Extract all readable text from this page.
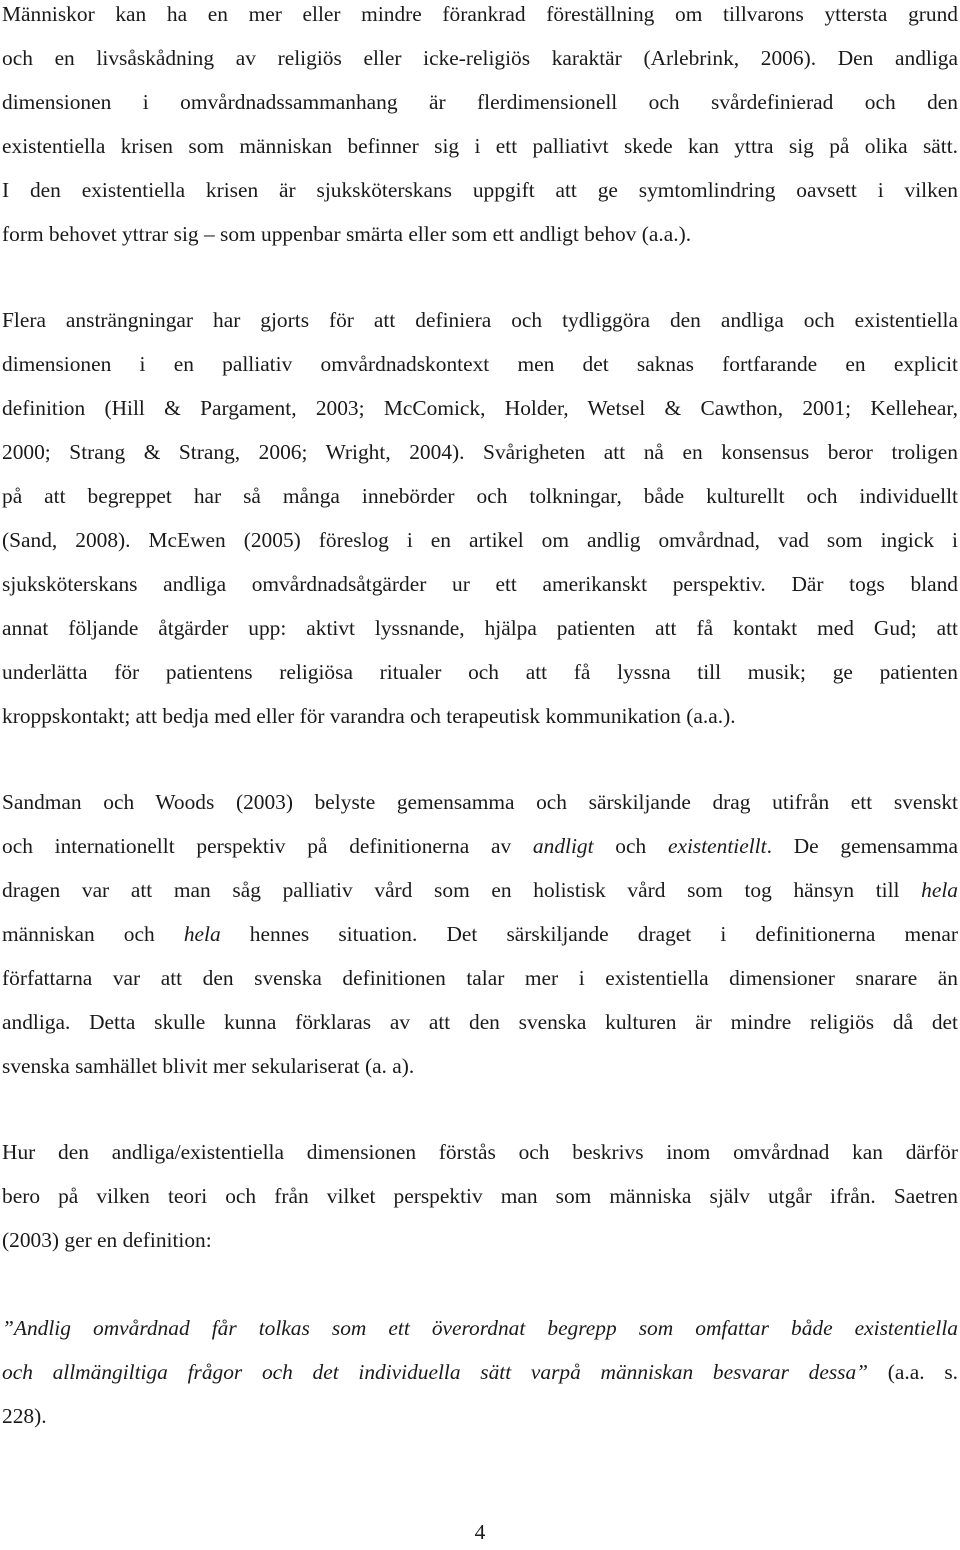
Människor kan ha en mer eller mindre förankrad föreställning om tillvarons yttersta grund
och en livsåskådning av religiös eller icke-religiös karaktär (Arlebrink, 2006). Den andliga
dimensionen i omvårdnadssammanhang är flerdimensionell och svårdefinierad och den
existentiella krisen som människan befinner sig i ett palliativt skede kan yttra sig på olika sätt.
I den existentiella krisen är sjuksköterskans uppgift att ge symtomlindring oavsett i vilken
form behovet yttrar sig – som uppenbar smärta eller som ett andligt behov (a.a.).
Flera ansträngningar har gjorts för att definiera och tydliggöra den andliga och existentiella
dimensionen i en palliativ omvårdnadskontext men det saknas fortfarande en explicit
definition (Hill & Pargament, 2003; McComick, Holder, Wetsel & Cawthon, 2001; Kellehear,
2000; Strang & Strang, 2006; Wright, 2004). Svårigheten att nå en konsensus beror troligen
på att begreppet har så många innebörder och tolkningar, både kulturellt och individuellt
(Sand, 2008). McEwen (2005) föreslog i en artikel om andlig omvårdnad, vad som ingick i
sjuksköterskans andliga omvårdnadsåtgärder ur ett amerikanskt perspektiv. Där togs bland
annat följande åtgärder upp: aktivt lyssnande, hjälpa patienten att få kontakt med Gud; att
underlätta för patientens religiösa ritualer och att få lyssna till musik; ge patienten
kroppskontakt; att bedja med eller för varandra och terapeutisk kommunikation (a.a.).
Sandman och Woods (2003) belyste gemensamma och särskiljande drag utifrån ett svenskt
och internationellt perspektiv på definitionerna av andligt och existentiellt. De gemensamma
dragen var att man såg palliativ vård som en holistisk vård som tog hänsyn till hela
människan och hela hennes situation. Det särskiljande draget i definitionerna menar
författarna var att den svenska definitionen talar mer i existentiella dimensioner snarare än
andliga. Detta skulle kunna förklaras av att den svenska kulturen är mindre religiös då det
svenska samhället blivit mer sekulariserat (a. a).
Hur den andliga/existentiella dimensionen förstås och beskrivs inom omvårdnad kan därför
bero på vilken teori och från vilket perspektiv man som människa själv utgår ifrån. Saetren
(2003) ger en definition:
”Andlig omvårdnad får tolkas som ett överordnat begrepp som omfattar både existentiella
och allmängiltiga frågor och det individuella sätt varpå människan besvarar dessa” (a.a. s.
228).
4
